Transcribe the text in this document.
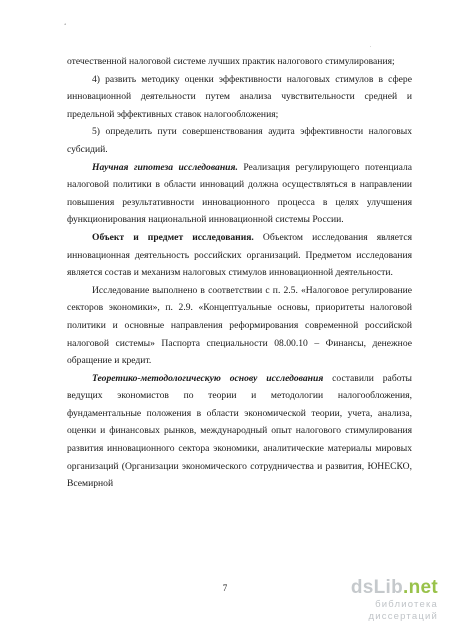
ʻ
.

отечественной налоговой системе лучших практик налогового стимулирования;

4) развить методику оценки эффективности налоговых стимулов в сфере инновационной деятельности путем анализа чувствительности средней и предельной эффективных ставок налогообложения;

5) определить пути совершенствования аудита эффективности налоговых субсидий.

Научная гипотеза исследования. Реализация регулирующего потенциала налоговой политики в области инноваций должна осуществляться в направлении повышения результативности инновационного процесса в целях улучшения функционирования национальной инновационной системы России.

Объект и предмет исследования. Объектом исследования является инновационная деятельность российских организаций. Предметом исследования является состав и механизм налоговых стимулов инновационной деятельности.

Исследование выполнено в соответствии с п. 2.5. «Налоговое регулирование секторов экономики», п. 2.9. «Концептуальные основы, приоритеты налоговой политики и основные направления реформирования современной российской налоговой системы» Паспорта специальности 08.00.10 – Финансы, денежное обращение и кредит.

Теоретико-методологическую основу исследования составили работы ведущих экономистов по теории и методологии налогообложения, фундаментальные положения в области экономической теории, учета, анализа, оценки и финансовых рынков, международный опыт налогового стимулирования развития инновационного сектора экономики, аналитические материалы мировых организаций (Организации экономического сотрудничества и развития, ЮНЕСКО, Всемирной

7	dsLib.net
библиотека диссертаций
